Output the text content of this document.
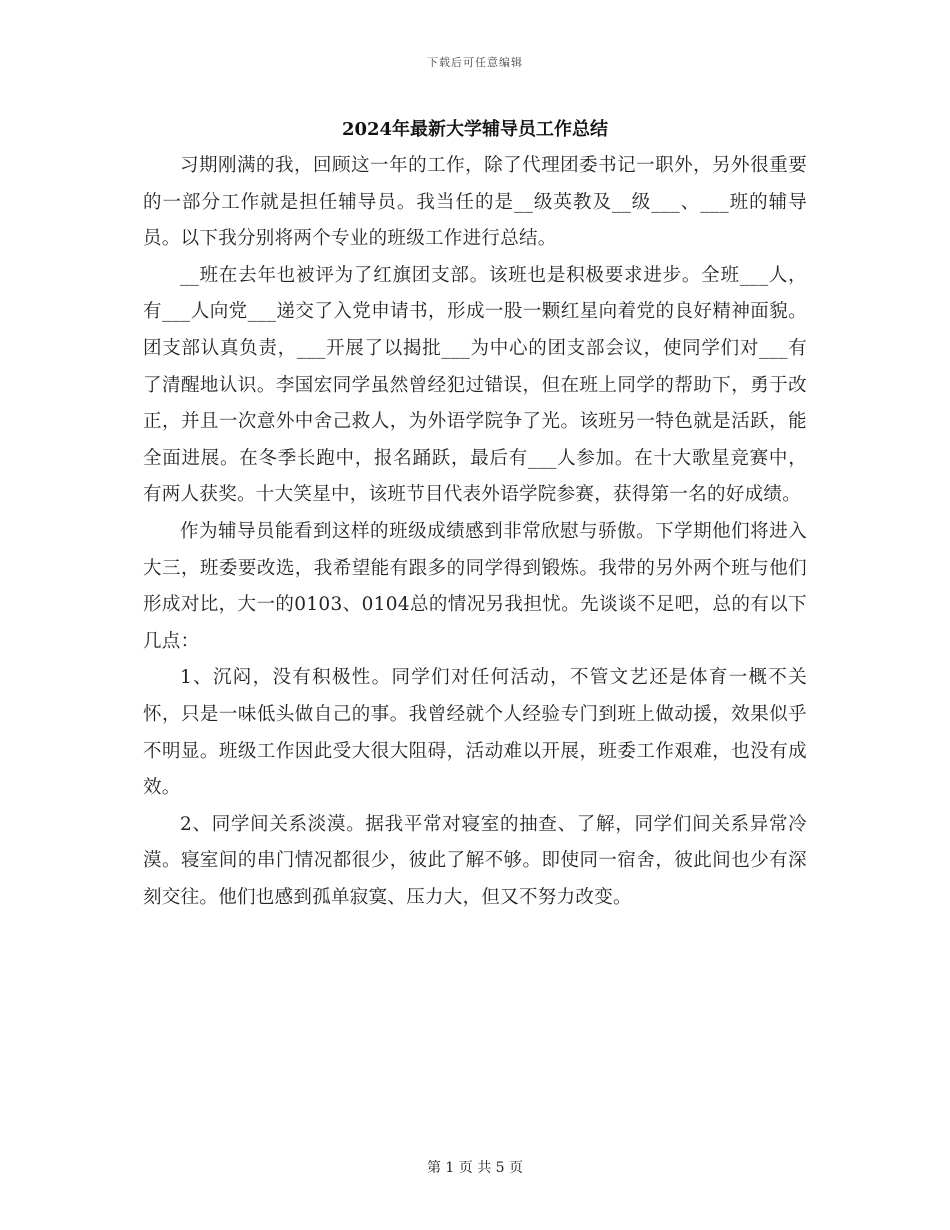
下载后可任意编辑
2024年最新大学辅导员工作总结

习期刚满的我，回顾这一年的工作，除了代理团委书记一职外，另外很重要的一部分工作就是担任辅导员。我当任的是__级英教及__级___、___班的辅导员。以下我分别将两个专业的班级工作进行总结。

__班在去年也被评为了红旗团支部。该班也是积极要求进步。全班___人，有___人向党___递交了入党申请书，形成一股一颗红星向着党的良好精神面貌。团支部认真负责，___开展了以揭批___为中心的团支部会议，使同学们对___有了清醒地认识。李国宏同学虽然曾经犯过错误，但在班上同学的帮助下，勇于改正，并且一次意外中舍己救人，为外语学院争了光。该班另一特色就是活跃，能全面进展。在冬季长跑中，报名踊跃，最后有___人参加。在十大歌星竞赛中，有两人获奖。十大笑星中，该班节目代表外语学院参赛，获得第一名的好成绩。

作为辅导员能看到这样的班级成绩感到非常欣慰与骄傲。下学期他们将进入大三，班委要改选，我希望能有跟多的同学得到锻炼。我带的另外两个班与他们形成对比，大一的0103、0104总的情况另我担忧。先谈谈不足吧，总的有以下几点：

1、沉闷，没有积极性。同学们对任何活动，不管文艺还是体育一概不关怀，只是一味低头做自己的事。我曾经就个人经验专门到班上做动援，效果似乎不明显。班级工作因此受大很大阻碍，活动难以开展，班委工作艰难，也没有成效。

2、同学间关系淡漠。据我平常对寝室的抽查、了解，同学们间关系异常冷漠。寝室间的串门情况都很少，彼此了解不够。即使同一宿舍，彼此间也少有深刻交往。他们也感到孤单寂寞、压力大，但又不努力改变。

第 1 页 共 5 页
